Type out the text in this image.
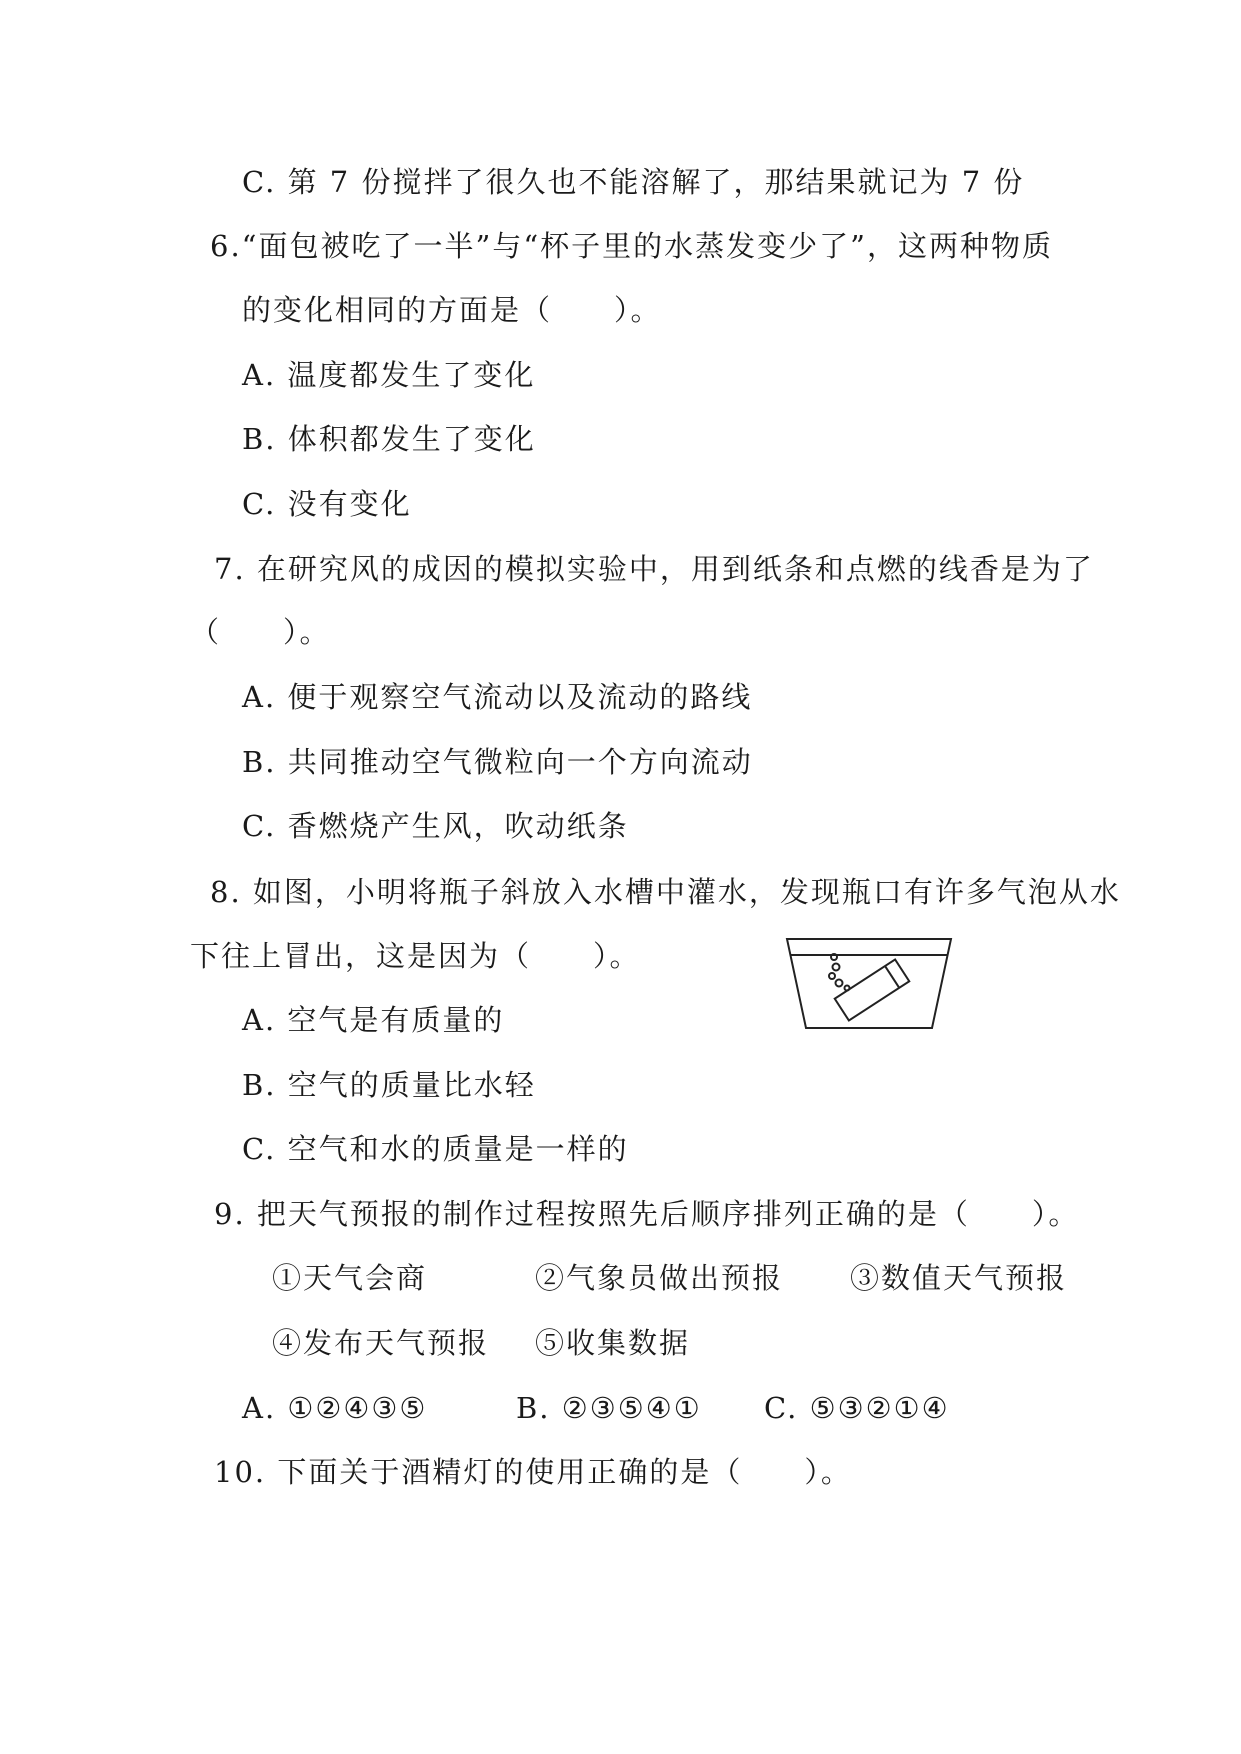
C. 第 7 份搅拌了很久也不能溶解了，那结果就记为 7 份
6.“面包被吃了一半”与“杯子里的水蒸发变少了”，这两种物质
的变化相同的方面是（　　）。
A. 温度都发生了变化
B. 体积都发生了变化
C. 没有变化
7. 在研究风的成因的模拟实验中，用到纸条和点燃的线香是为了
（　　）。
A. 便于观察空气流动以及流动的路线
B. 共同推动空气微粒向一个方向流动
C. 香燃烧产生风，吹动纸条
8. 如图，小明将瓶子斜放入水槽中灌水，发现瓶口有许多气泡从水
下往上冒出，这是因为（　　）。
A. 空气是有质量的
B. 空气的质量比水轻
C. 空气和水的质量是一样的
9. 把天气预报的制作过程按照先后顺序排列正确的是（　　）。
①天气会商	②气象员做出预报 ③数值天气预报
④发布天气预报 ⑤收集数据
A. ①②④③⑤	B. ②③⑤④① C. ⑤③②①④
10. 下面关于酒精灯的使用正确的是（　　）。
